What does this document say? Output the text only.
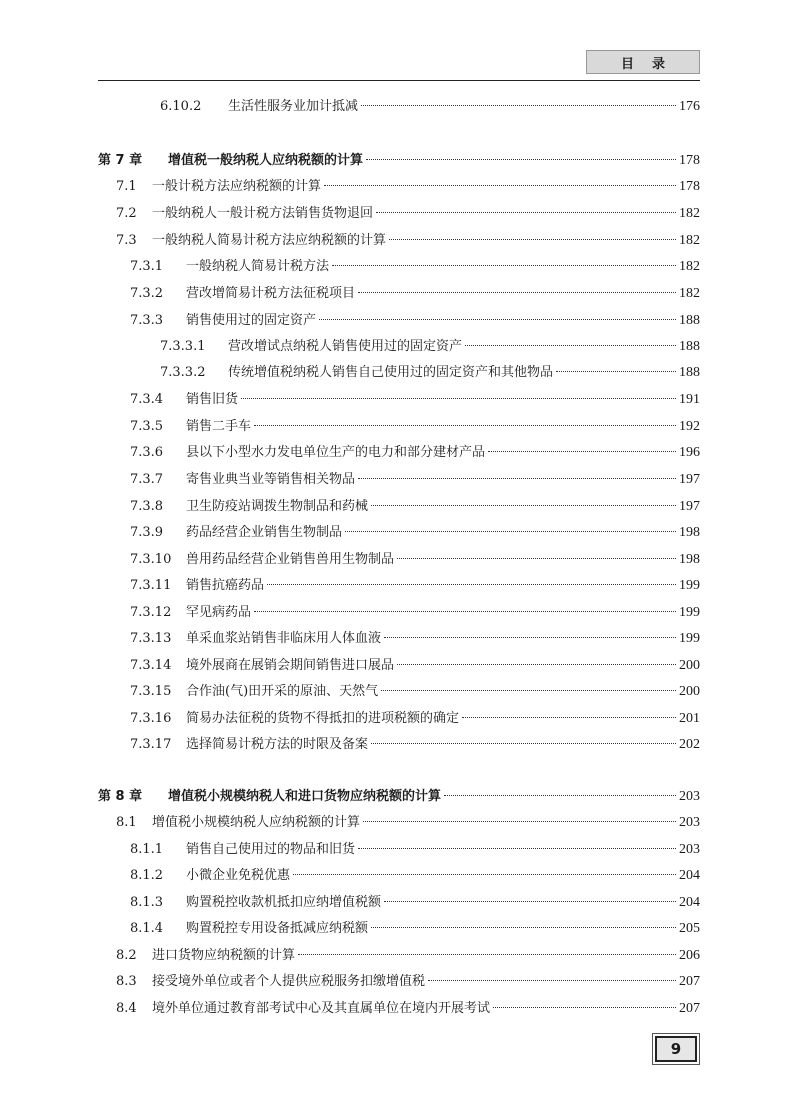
目录
6.10.2	生活性服务业加计抵减	176
第 7 章	增值税一般纳税人应纳税额的计算	178
7.1	一般计税方法应纳税额的计算	178
7.2	一般纳税人一般计税方法销售货物退回	182
7.3	一般纳税人简易计税方法应纳税额的计算	182
7.3.1	一般纳税人简易计税方法	182
7.3.2	营改增简易计税方法征税项目	182
7.3.3	销售使用过的固定资产	188
7.3.3.1	营改增试点纳税人销售使用过的固定资产	188
7.3.3.2	传统增值税纳税人销售自己使用过的固定资产和其他物品	188
7.3.4	销售旧货	191
7.3.5	销售二手车	192
7.3.6	县以下小型水力发电单位生产的电力和部分建材产品	196
7.3.7	寄售业典当业等销售相关物品	197
7.3.8	卫生防疫站调拨生物制品和药械	197
7.3.9	药品经营企业销售生物制品	198
7.3.10	兽用药品经营企业销售兽用生物制品	198
7.3.11	销售抗癌药品	199
7.3.12	罕见病药品	199
7.3.13	单采血浆站销售非临床用人体血液	199
7.3.14	境外展商在展销会期间销售进口展品	200
7.3.15	合作油(气)田开采的原油、天然气	200
7.3.16	简易办法征税的货物不得抵扣的进项税额的确定	201
7.3.17	选择简易计税方法的时限及备案	202
第 8 章	增值税小规模纳税人和进口货物应纳税额的计算	203
8.1	增值税小规模纳税人应纳税额的计算	203
8.1.1	销售自己使用过的物品和旧货	203
8.1.2	小微企业免税优惠	204
8.1.3	购置税控收款机抵扣应纳增值税额	204
8.1.4	购置税控专用设备抵减应纳税额	205
8.2	进口货物应纳税额的计算	206
8.3	接受境外单位或者个人提供应税服务扣缴增值税	207
8.4	境外单位通过教育部考试中心及其直属单位在境内开展考试	207
9
